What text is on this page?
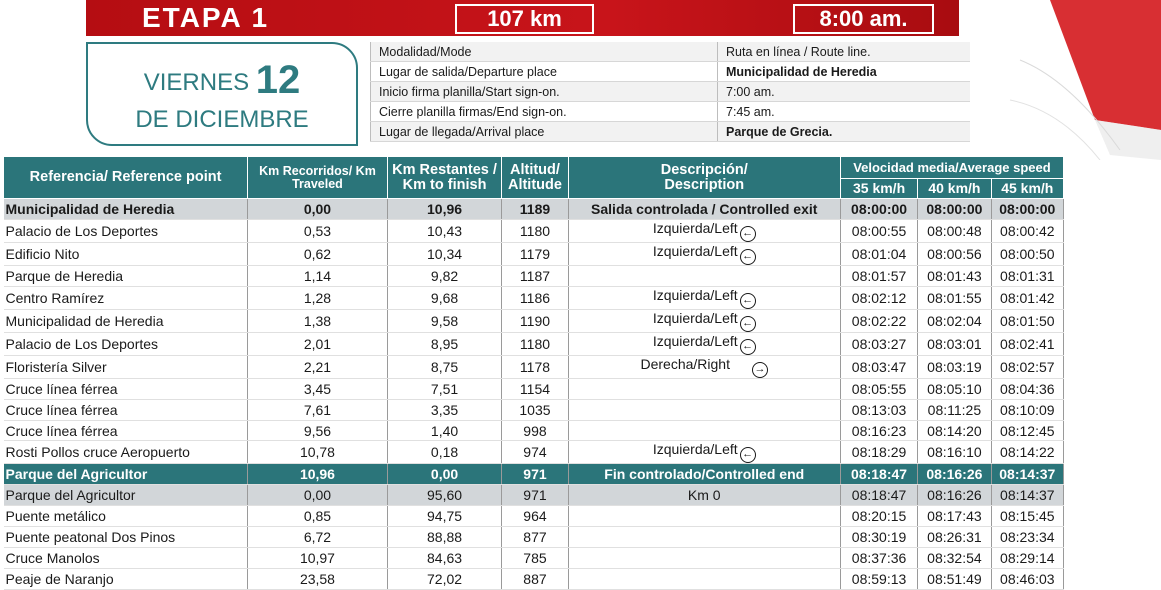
ETAPA 1	107 km	8:00 am.
VIERNES 12
DE DICIEMBRE
Modalidad/Mode	Ruta en línea / Route line.
Lugar de salida/Departure place	Municipalidad de Heredia
Inicio firma planilla/Start sign-on.	7:00 am.
Cierre planilla firmas/End sign-on.	7:45 am.
Lugar de llegada/Arrival place	Parque de Grecia.
Referencia/ Reference point	Km Recorridos/ Km Traveled	Km Restantes / Km to finish	Altitud/ Altitude	Descripción/ Description	Velocidad media/Average speed		
					35 km/h	40 km/h	45 km/h
Municipalidad de Heredia	0,00	10,96	1189	Salida controlada / Controlled exit	08:00:00	08:00:00	08:00:00
Palacio de Los Deportes	0,53	10,43	1180	Izquierda/Left ←	08:00:55	08:00:48	08:00:42
Edificio Nito	0,62	10,34	1179	Izquierda/Left ←	08:01:04	08:00:56	08:00:50
Parque de Heredia	1,14	9,82	1187		08:01:57	08:01:43	08:01:31
Centro Ramírez	1,28	9,68	1186	Izquierda/Left ←	08:02:12	08:01:55	08:01:42
Municipalidad de Heredia	1,38	9,58	1190	Izquierda/Left ←	08:02:22	08:02:04	08:01:50
Palacio de Los Deportes	2,01	8,95	1180	Izquierda/Left ←	08:03:27	08:03:01	08:02:41
Floristería Silver	2,21	8,75	1178	Derecha/Right →	08:03:47	08:03:19	08:02:57
Cruce línea férrea	3,45	7,51	1154		08:05:55	08:05:10	08:04:36
Cruce línea férrea	7,61	3,35	1035		08:13:03	08:11:25	08:10:09
Cruce línea férrea	9,56	1,40	998		08:16:23	08:14:20	08:12:45
Rosti Pollos cruce Aeropuerto	10,78	0,18	974	Izquierda/Left ←	08:18:29	08:16:10	08:14:22
Parque del Agricultor	10,96	0,00	971	Fin controlado/Controlled end	08:18:47	08:16:26	08:14:37
Parque del Agricultor	0,00	95,60	971	Km 0	08:18:47	08:16:26	08:14:37
Puente metálico	0,85	94,75	964		08:20:15	08:17:43	08:15:45
Puente peatonal Dos Pinos	6,72	88,88	877		08:30:19	08:26:31	08:23:34
Cruce Manolos	10,97	84,63	785		08:37:36	08:32:54	08:29:14
Peaje de Naranjo	23,58	72,02	887		08:59:13	08:51:49	08:46:03
